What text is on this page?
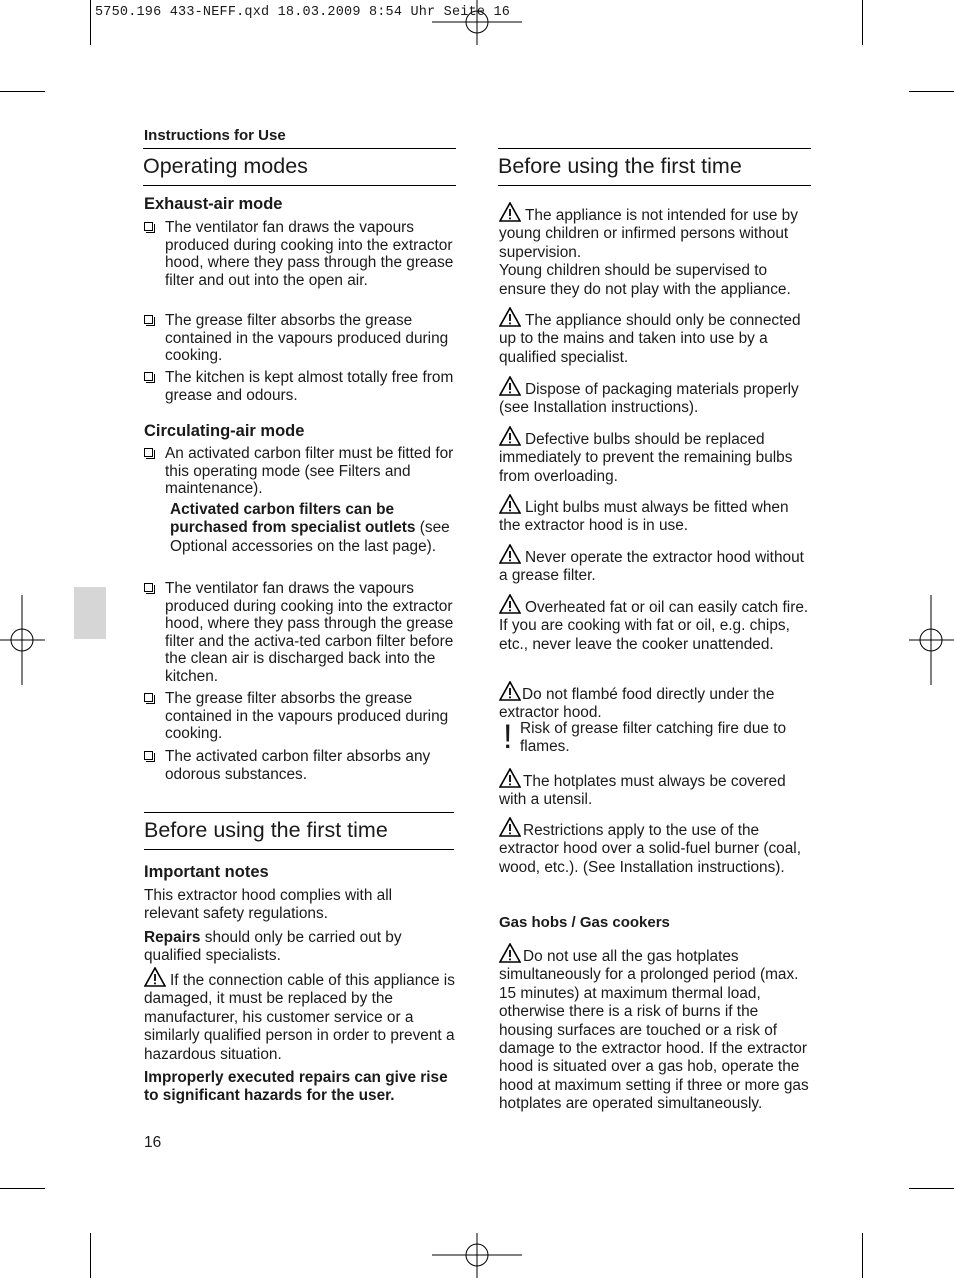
5750.196 433-NEFF.qxd 18.03.2009 8:54 Uhr Seite 16
Instructions for Use
Operating modes
Exhaust-air mode
The ventilator fan draws the vapours produced during cooking into the extractor hood, where they pass through the grease filter and out into the open air.
The grease filter absorbs the grease contained in the vapours produced during cooking.
The kitchen is kept almost totally free from grease and odours.
Circulating-air mode
An activated carbon filter must be fitted for this operating mode (see Filters and maintenance).
Activated carbon filters can be purchased from specialist outlets (see Optional accessories on the last page).
The ventilator fan draws the vapours produced during cooking into the extractor hood, where they pass through the grease filter and the activa-ted carbon filter before the clean air is discharged back into the kitchen.
The grease filter absorbs the grease contained in the vapours produced during cooking.
The activated carbon filter absorbs any odorous substances.
Before using the first time
Important notes
This extractor hood complies with all relevant safety regulations.
Repairs should only be carried out by qualified specialists.
If the connection cable of this appliance is damaged, it must be replaced by the manufacturer, his customer service or a similarly qualified person in order to prevent a hazardous situation.
Improperly executed repairs can give rise to significant hazards for the user.
16
Before using the first time
The appliance is not intended for use by young children or infirmed persons without supervision.
Young children should be supervised to ensure they do not play with the appliance.
The appliance should only be connected up to the mains and taken into use by a qualified specialist.
Dispose of packaging materials properly (see Installation instructions).
Defective bulbs should be replaced immediately to prevent the remaining bulbs from overloading.
Light bulbs must always be fitted when the extractor hood is in use.
Never operate the extractor hood without a grease filter.
Overheated fat or oil can easily catch fire.
If you are cooking with fat or oil, e.g. chips, etc., never leave the cooker unattended.
Do not flambé food directly under the extractor hood.
! Risk of grease filter catching fire due to flames.
The hotplates must always be covered with a utensil.
Restrictions apply to the use of the extractor hood over a solid-fuel burner (coal, wood, etc.). (See Installation instructions).
Gas hobs / Gas cookers
Do not use all the gas hotplates simultaneously for a prolonged period (max. 15 minutes) at maximum thermal load, otherwise there is a risk of burns if the housing surfaces are touched or a risk of damage to the extractor hood. If the extractor hood is situated over a gas hob, operate the hood at maximum setting if three or more gas hotplates are operated simultaneously.
